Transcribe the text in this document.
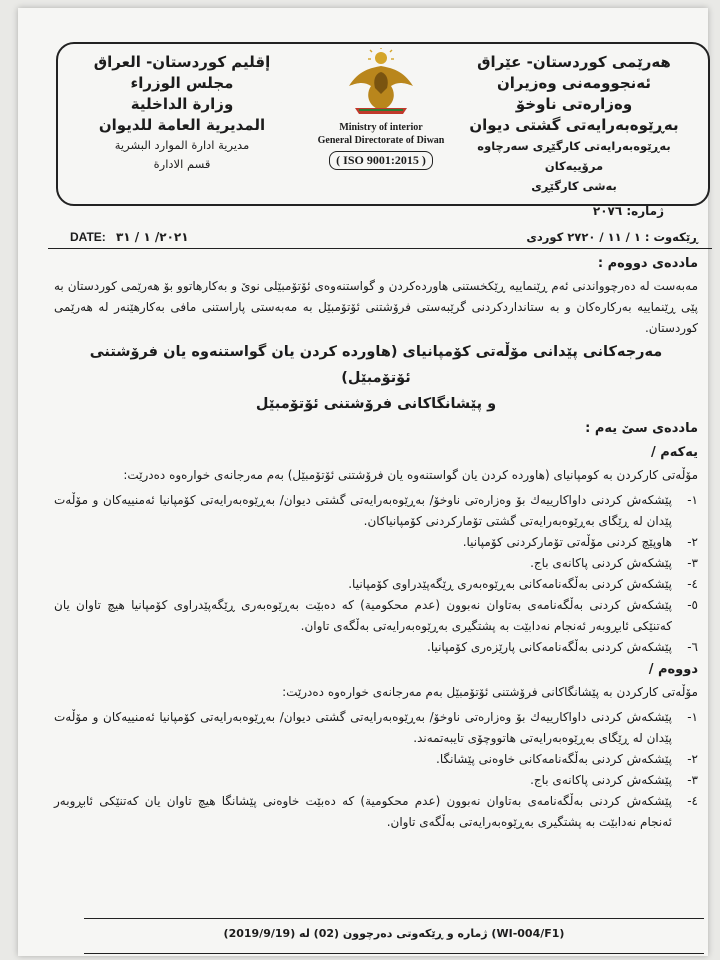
هەرێمی کوردستان- عێراق
ئەنجوومەنی وەزیران
وەزارەتی ناوخۆ
بەڕێوەبەرایەتی گشتی دیوان
بەڕێوەبەرایەتی کارگێڕی سەرچاوە مرۆییەکان
بەشی کارگێڕی
Ministry of interior
General Directorate of Diwan
( ISO 9001:2015 )
إقليم كوردستان- العراق
مجلس الوزراء
وزارة الداخلية
المديرية العامة للديوان
مديرية ادارة الموارد البشرية
قسم الادارة
ژمارە: ٢٠٧٦
DATE: ٢٠٢١/ ١ / ٣١	ڕێکەوت : ١ / ١١ / ٢٧٢٠ کوردی

ماددەی دووەم :

مەبەست لە دەرچوواندنی ئەم ڕێنماییە ڕێکخستنی هاوردەکردن و گواستنەوەی ئۆتۆمبێلی نوێ و بەکارهاتوو بۆ هەرێمی کوردستان بە پێی ڕێنماییە بەرکارەکان و بە ستانداردکردنی گرێبەستی فرۆشتنی ئۆتۆمبێل بە مەبەستی پاراستنی ماڧی بەکارهێنەر لە هەرێمی کوردستان.

مەرجەکانی پێدانی مۆڵەتی کۆمپانیای (هاوردە کردن یان گواستنەوە یان فرۆشتنی ئۆتۆمبێل)

و پێشانگاکانی فرۆشتنی ئۆتۆمبێل

ماددەی سێ یەم :

یەکەم /

مۆڵەتی کارکردن بە کومپانیای (هاوردە کردن یان گواستنەوە یان فرۆشتنی ئۆتۆمبێل) بەم مەرجانەی خوارەوە دەدرێت:

١-
پێشکەش کردنی داواکارییەك بۆ وەزارەتی ناوخۆ/ بەڕێوەبەرایەتی گشتی دیوان/ بەڕێوەبەرایەتی کۆمپانیا ئەمنییەکان و مۆڵەت پێدان لە ڕێگای بەڕێوەبەرایەتی گشتی تۆمارکردنی کۆمپانیاکان.
٢-
هاوپێچ کردنی مۆڵەتی تۆمارکردنی کۆمپانیا.
٣-
پێشکەش کردنی پاکانەی باج.
٤-
پێشکەش کردنی بەڵگەنامەکانی بەڕێوەبەری ڕێگەپێدراوی کۆمپانیا.
٥-
پێشکەش کردنی بەڵگەنامەی بەتاوان نەبوون (عدم محكومية) کە دەبێت بەڕێوەبەری ڕێگەپێدراوی کۆمپانیا هیچ تاوان یان کەتنێکی ئابڕوبەر ئەنجام نەدابێت بە پشتگیری بەڕێوەبەرایەتی بەڵگەی تاوان.
٦-
پێشکەش کردنی بەڵگەنامەکانی پارێزەری کۆمپانیا.

دووەم /

مۆڵەتی کارکردن بە پێشانگاکانی فرۆشتنی ئۆتۆمبێل بەم مەرجانەی خوارەوە دەدرێت:

١-
پێشکەش کردنی داواکارییەك بۆ وەزارەتی ناوخۆ/ بەڕێوەبەرایەتی گشتی دیوان/ بەڕێوەبەرایەتی کۆمپانیا ئەمنییەکان و مۆڵەت پێدان لە ڕێگای بەڕێوەبەرایەتی هاتووچۆی تایبەتمەند.
٢-
پێشکەش کردنی بەڵگەنامەکانی خاوەنی پێشانگا.
٣-
پێشکەش کردنی پاکانەی باج.
٤-
پێشکەش کردنی بەڵگەنامەی بەتاوان نەبوون (عدم محكومية) کە دەبێت خاوەنی پێشانگا هیچ تاوان یان کەتنێکی ئابڕوبەر ئەنجام نەدابێت بە پشتگیری بەڕێوەبەرایەتی بەڵگەی تاوان.
(WI-004/F1) ژمارە و ڕێکەوتی دەرچوون (02) لە (2019/9/19)
